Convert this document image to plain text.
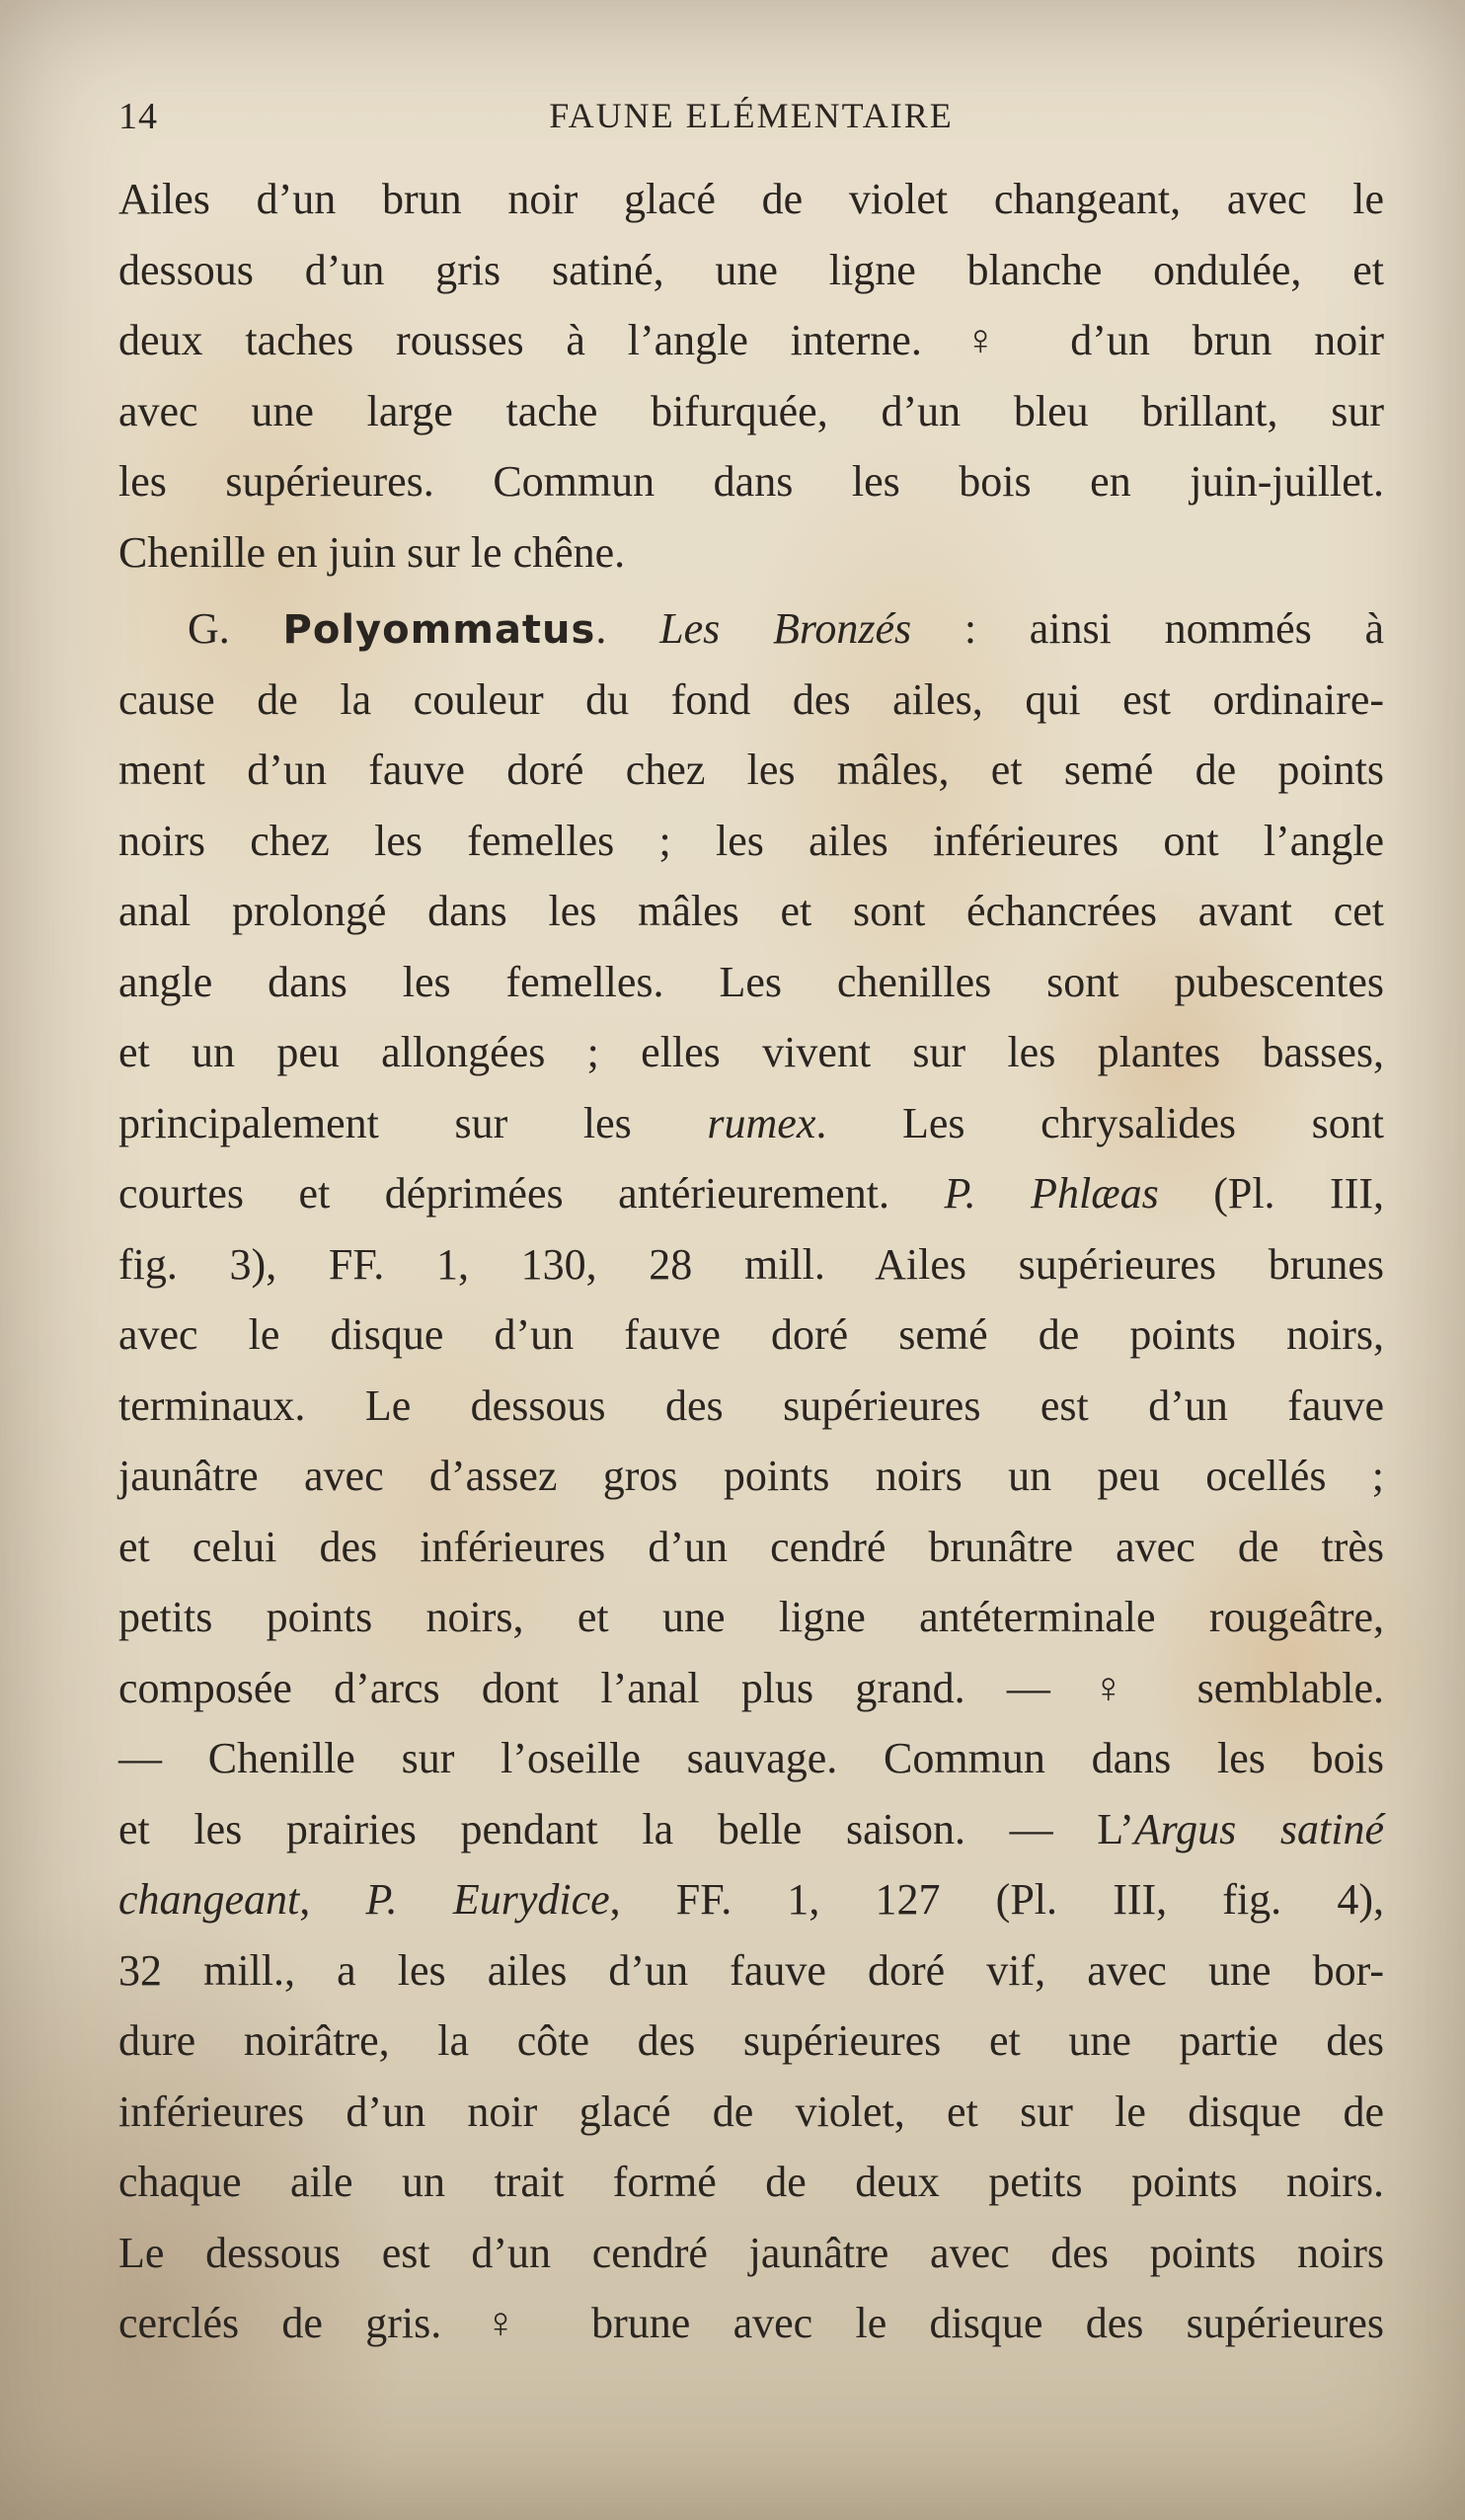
14	FAUNE ELÉMENTAIRE
Ailes d’un brun noir glacé de violet changeant, avec le
dessous d’un gris satiné, une ligne blanche ondulée, et
deux taches rousses à l’angle interne. ♀ d’un brun noir
avec une large tache bifurquée, d’un bleu brillant, sur
les supérieures. Commun dans les bois en juin-juillet.
Chenille en juin sur le chêne.
G. Polyommatus. Les Bronzés : ainsi nommés à
cause de la couleur du fond des ailes, qui est ordinaire-
ment d’un fauve doré chez les mâles, et semé de points
noirs chez les femelles ; les ailes inférieures ont l’angle
anal prolongé dans les mâles et sont échancrées avant cet
angle dans les femelles. Les chenilles sont pubescentes
et un peu allongées ; elles vivent sur les plantes basses,
principalement sur les rumex. Les chrysalides sont
courtes et déprimées antérieurement. P. Phlæas (Pl. III,
fig. 3), FF. 1, 130, 28 mill. Ailes supérieures brunes
avec le disque d’un fauve doré semé de points noirs,
terminaux. Le dessous des supérieures est d’un fauve
jaunâtre avec d’assez gros points noirs un peu ocellés ;
et celui des inférieures d’un cendré brunâtre avec de très
petits points noirs, et une ligne antéterminale rougeâtre,
composée d’arcs dont l’anal plus grand. — ♀ semblable.
— Chenille sur l’oseille sauvage. Commun dans les bois
et les prairies pendant la belle saison. — L’Argus satiné
changeant, P. Eurydice, FF. 1, 127 (Pl. III, fig. 4),
32 mill., a les ailes d’un fauve doré vif, avec une bor-
dure noirâtre, la côte des supérieures et une partie des
inférieures d’un noir glacé de violet, et sur le disque de
chaque aile un trait formé de deux petits points noirs.
Le dessous est d’un cendré jaunâtre avec des points noirs
cerclés de gris. ♀ brune avec le disque des supérieures
